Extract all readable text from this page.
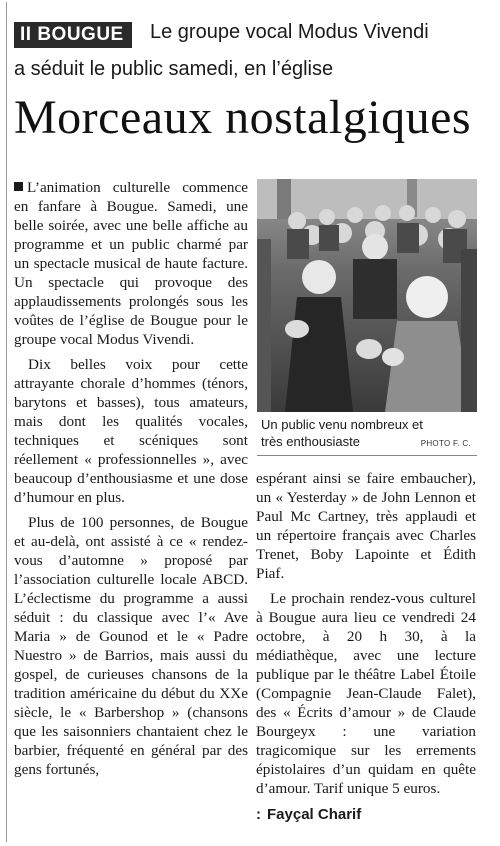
II BOUGUE	Le groupe vocal Modus Vivendi
a séduit le public samedi, en l’église
Morceaux nostalgiques

L’animation culturelle commence en fanfare à Bougue. Samedi, une belle soirée, avec une belle affiche au programme et un public charmé par un spectacle musical de haute facture. Un spectacle qui provoque des applaudissements prolongés sous les voûtes de l’église de Bougue pour le groupe vocal Modus Vivendi.

Dix belles voix pour cette attrayante chorale d’hommes (ténors, barytons et basses), tous amateurs, mais dont les qualités vocales, techniques et scéniques sont réellement « professionnelles », avec beaucoup d’enthousiasme et une dose d’humour en plus.

Plus de 100 personnes, de Bougue et au-delà, ont assisté à ce « rendez-vous d’automne » proposé par l’association culturelle locale ABCD. L’éclectisme du programme a aussi séduit : du classique avec l’« Ave Maria » de Gounod et le « Padre Nuestro » de Barrios, mais aussi du gospel, de curieuses chansons de la tradition américaine du début du XXe siècle, le « Barbershop » (chansons que les saisonniers chantaient chez le barbier, fréquenté en général par des gens fortunés,

Un public venu nombreux et très enthousiaste	PHOTO F. C.

espérant ainsi se faire embaucher), un « Yesterday » de John Lennon et Paul Mc Cartney, très applaudi et un répertoire français avec Charles Trenet, Boby Lapointe et Édith Piaf.

Le prochain rendez-vous culturel à Bougue aura lieu ce vendredi 24 octobre, à 20 h 30, à la médiathèque, avec une lecture publique par le théâtre Label Étoile (Compagnie Jean-Claude Falet), des « Écrits d’amour » de Claude Bourgeyx : une variation tragicomique sur les errements épistolaires d’un quidam en quête d’amour. Tarif unique 5 euros.

: Fayçal Charif
